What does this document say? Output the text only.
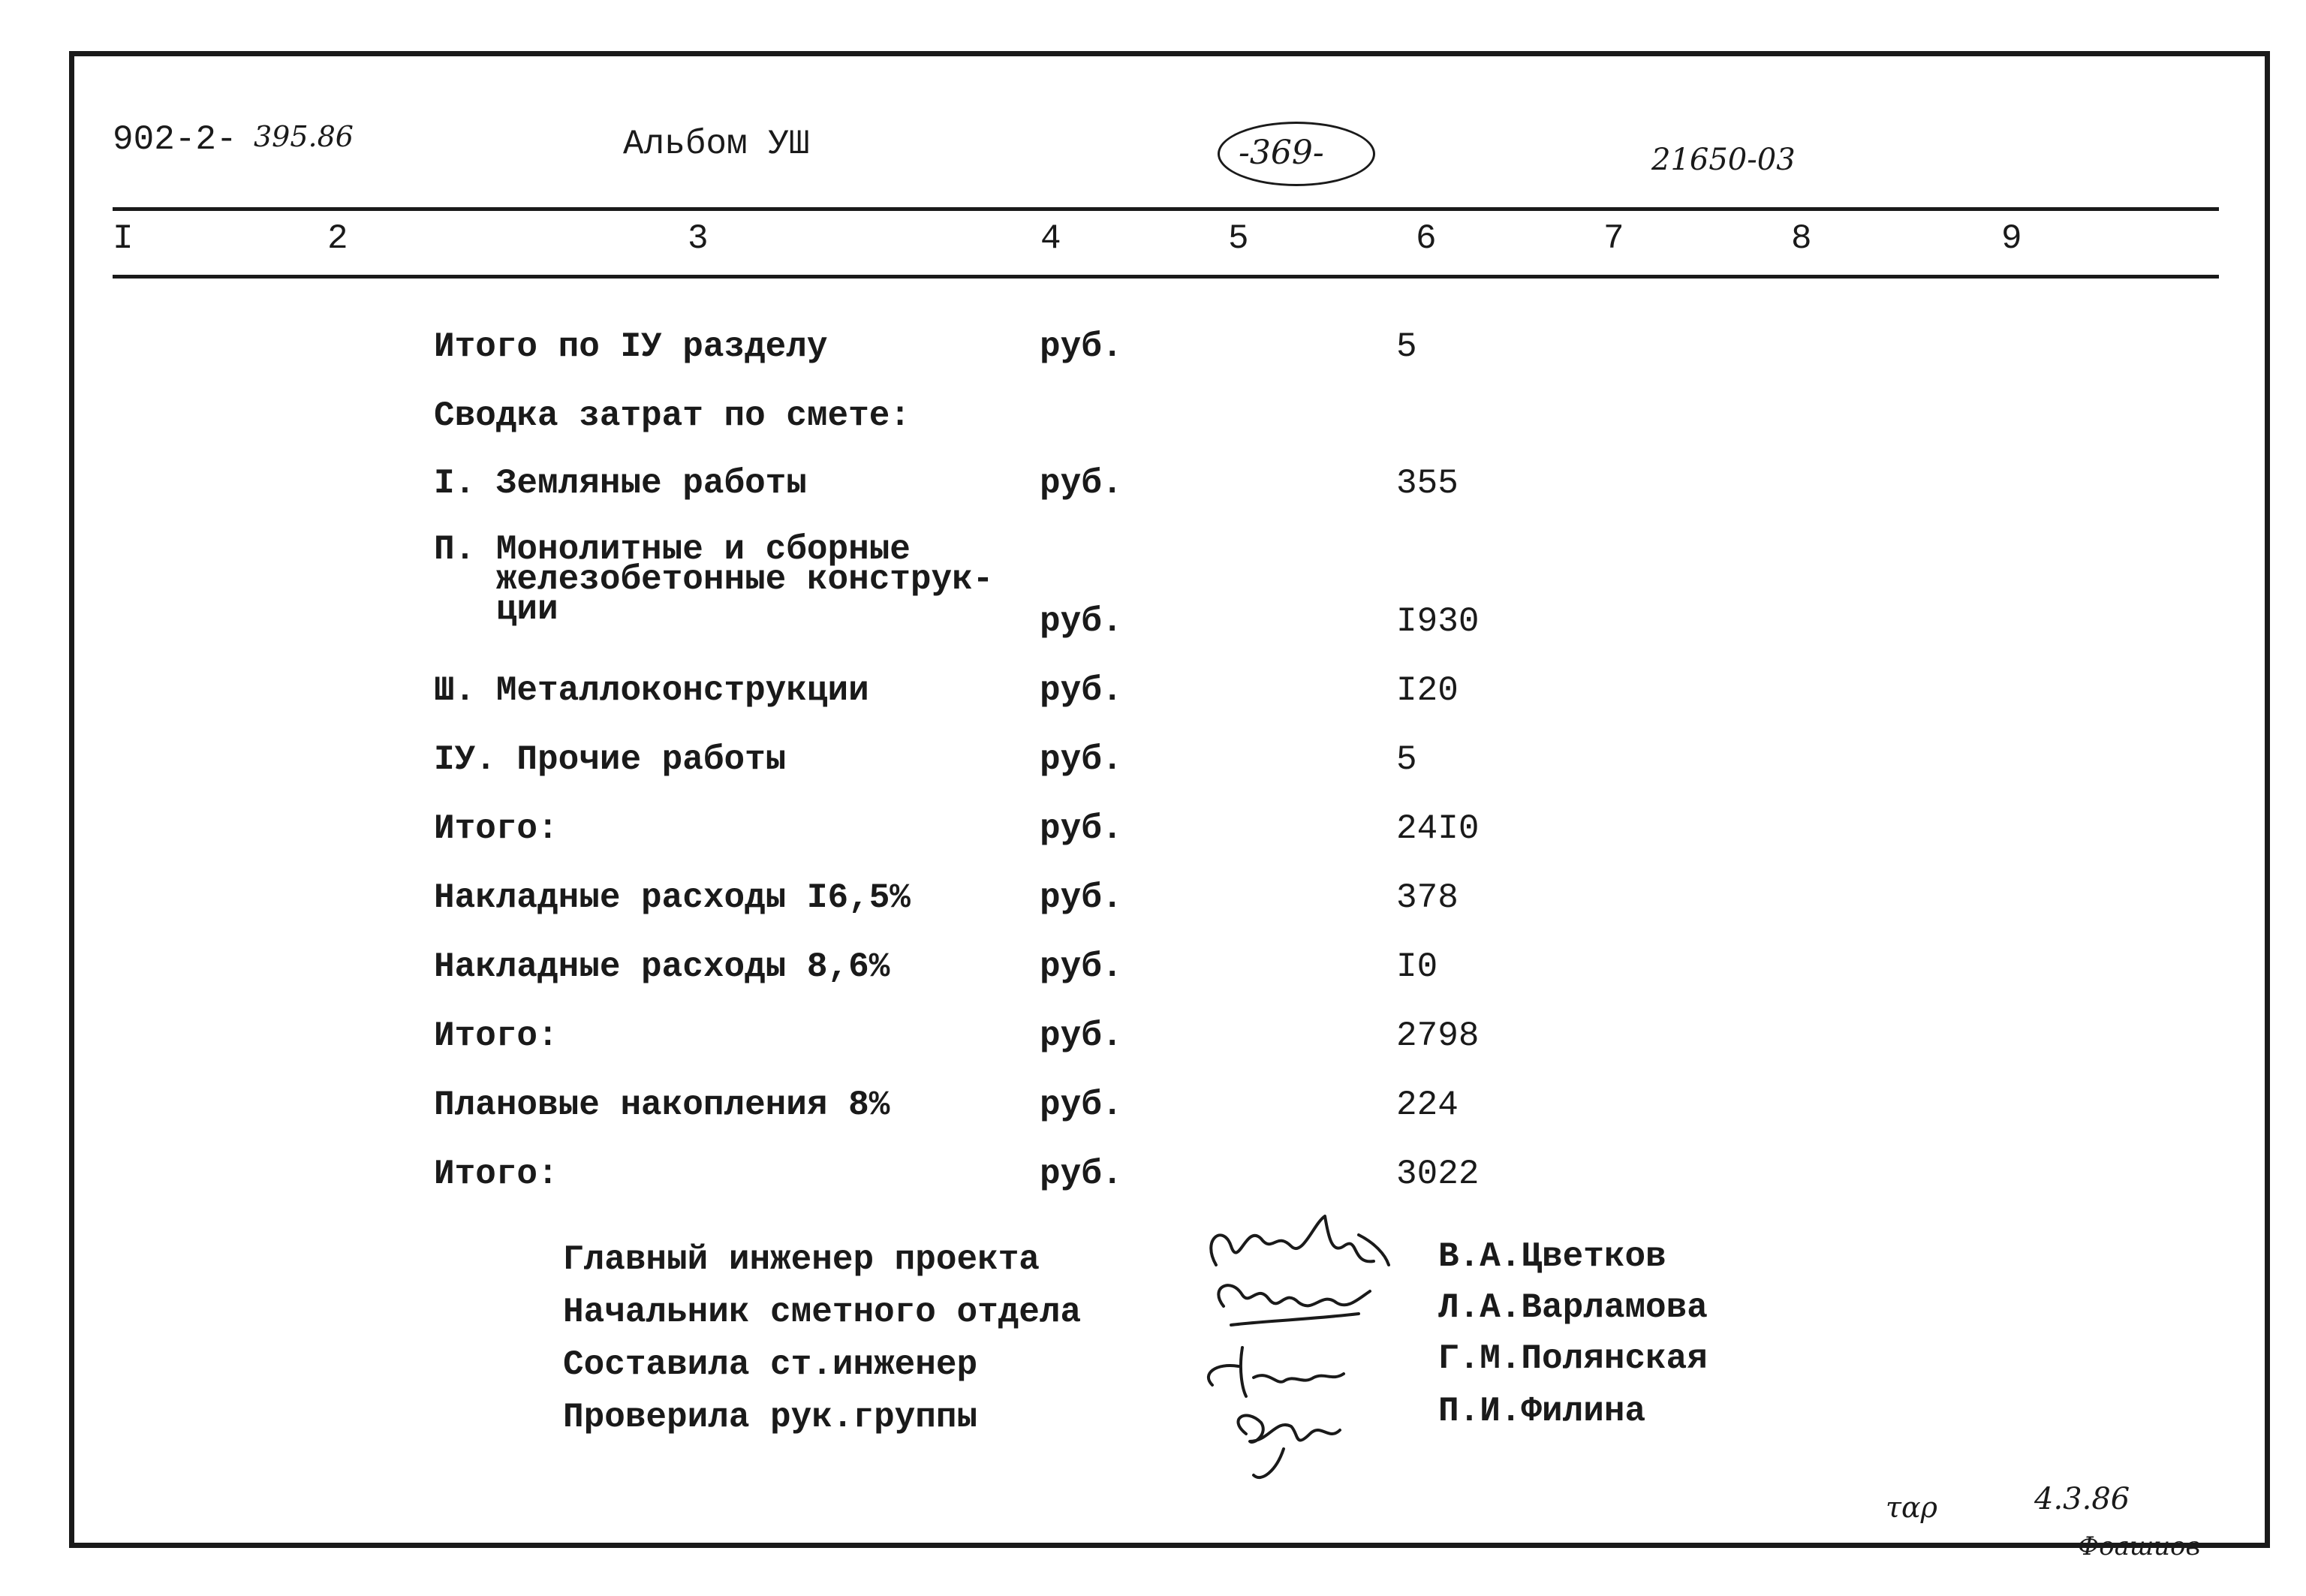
902-2- 395.86	Альбом УШ	-369-	21650-03
I	2	3	4	5	6	7	8	9
Итого по IУ разделу	руб.	5
Сводка затрат по смете:
I. Земляные работы	руб.	355
П. Монолитные и сборные
железобетонные конструк-
ции	руб.	I930
Ш. Металлоконструкции	руб.	I20
IУ. Прочие работы	руб.	5
Итого:	руб.	24I0
Накладные расходы I6,5%	руб.	378
Накладные расходы 8,6%	руб.	I0
Итого:	руб.	2798
Плановые накопления 8%	руб.	224
Итого:	руб.	3022
Главный инженер проекта	В.А.Цветков
Начальник сметного отдела	Л.А.Варламова
Составила ст.инженер	Г.М.Полянская
Проверила рук.группы	П.И.Филина
ταρ	4.3.86
Фоашиов
